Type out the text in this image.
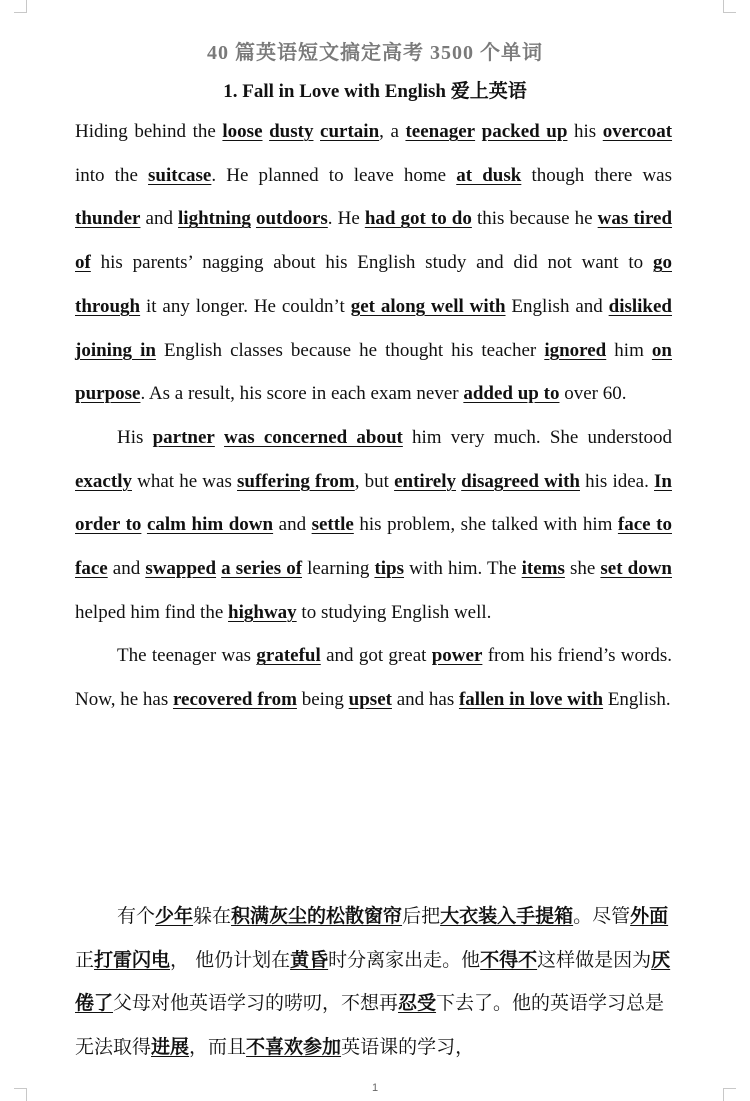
40 篇英语短文搞定高考 3500 个单词
1. Fall in Love with English 爱上英语

Hiding behind the loose dusty curtain, a teenager packed up his overcoat into the suitcase. He planned to leave home at dusk though there was thunder and lightning outdoors. He had got to do this because he was tired of his parents’ nagging about his English study and did not want to go through it any longer. He couldn’t get along well with English and disliked joining in English classes because he thought his teacher ignored him on purpose. As a result, his score in each exam never added up to over 60.

His partner was concerned about him very much. She understood exactly what he was suffering from, but entirely disagreed with his idea. In order to calm him down and settle his problem, she talked with him face to face and swapped a series of learning tips with him. The items she set down helped him find the highway to studying English well.

The teenager was grateful and got great power from his friend’s words. Now, he has recovered from being upset and has fallen in love with English.

有个少年躲在积满灰尘的松散窗帘后把大衣装入手提箱。尽管外面正打雷闪电， 他仍计划在黄昏时分离家出走。他不得不这样做是因为厌倦了父母对他英语学习的唠叨，不想再忍受下去了。他的英语学习总是无法取得进展，而且不喜欢参加英语课的学习，

1
